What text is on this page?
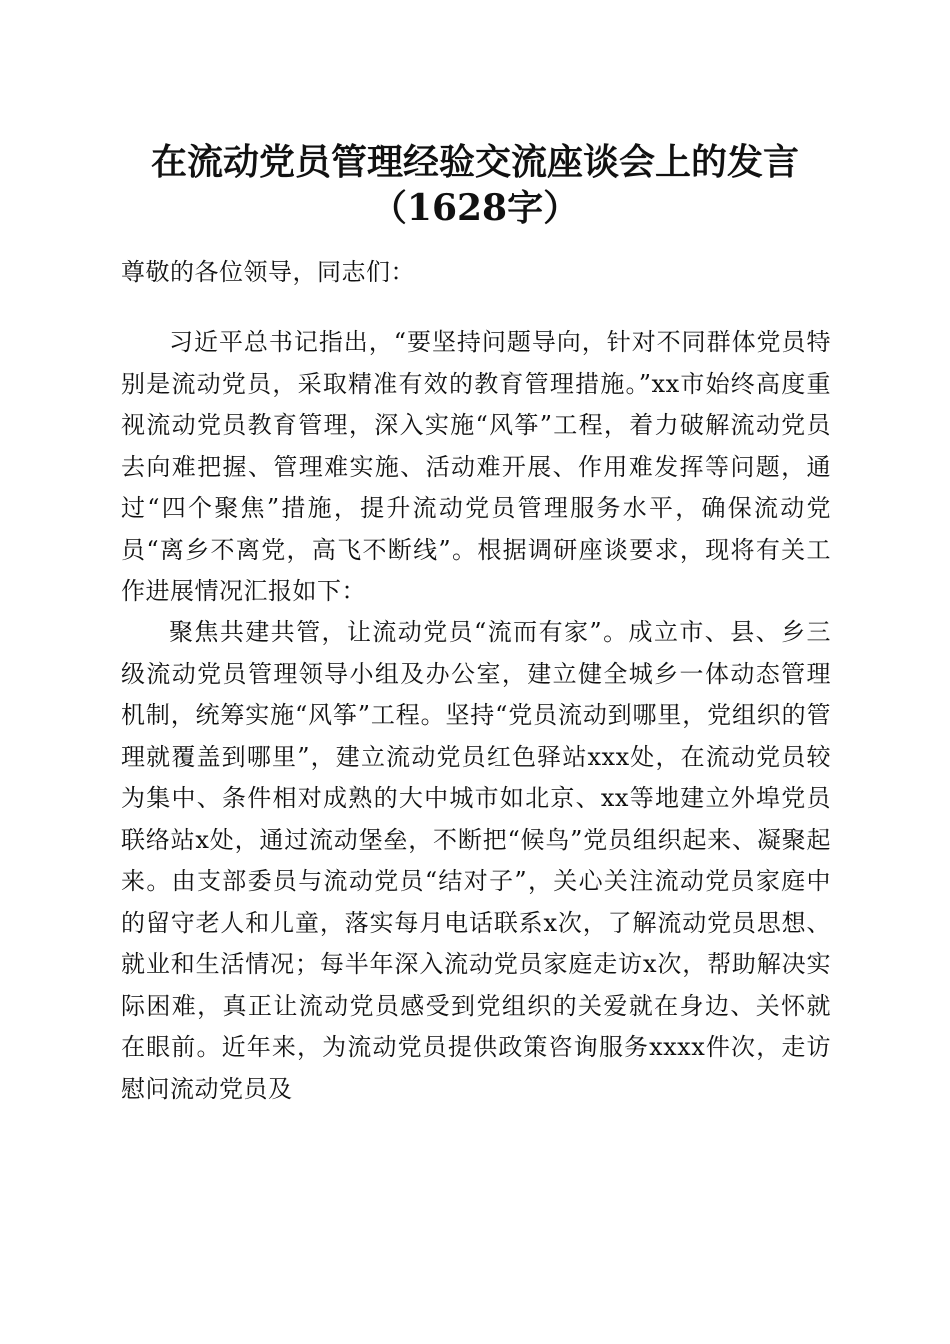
在流动党员管理经验交流座谈会上的发言
（1628字）
尊敬的各位领导，同志们：
习近平总书记指出，“要坚持问题导向，针对不同群体党员特别是流动党员，采取精准有效的教育管理措施。”xx市始终高度重视流动党员教育管理，深入实施“风筝”工程，着力破解流动党员去向难把握、管理难实施、活动难开展、作用难发挥等问题，通过“四个聚焦”措施，提升流动党员管理服务水平，确保流动党员“离乡不离党，高飞不断线”。根据调研座谈要求，现将有关工作进展情况汇报如下：
聚焦共建共管，让流动党员“流而有家”。成立市、县、乡三级流动党员管理领导小组及办公室，建立健全城乡一体动态管理机制，统筹实施“风筝”工程。坚持“党员流动到哪里，党组织的管理就覆盖到哪里”，建立流动党员红色驿站xxx处，在流动党员较为集中、条件相对成熟的大中城市如北京、xx等地建立外埠党员联络站x处，通过流动堡垒，不断把“候鸟”党员组织起来、凝聚起来。由支部委员与流动党员“结对子”，关心关注流动党员家庭中的留守老人和儿童，落实每月电话联系x次，了解流动党员思想、就业和生活情况；每半年深入流动党员家庭走访x次，帮助解决实际困难，真正让流动党员感受到党组织的关爱就在身边、关怀就在眼前。近年来，为流动党员提供政策咨询服务xxxx件次，走访慰问流动党员及
